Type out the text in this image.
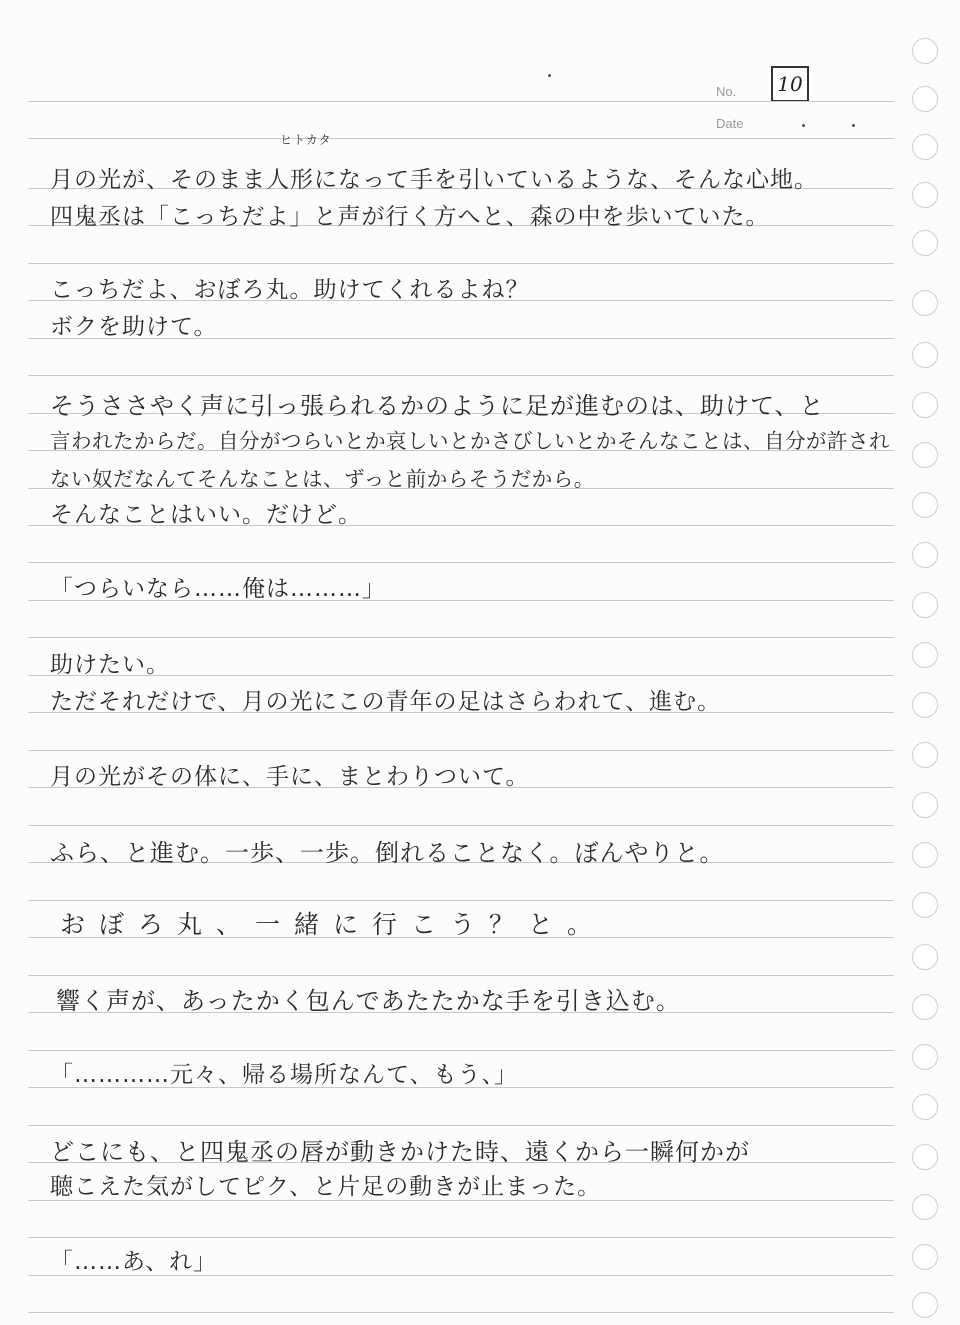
No.
Date
10
ヒトカタ
月の光が、そのまま人形になって手を引いているような、そんな心地。
四鬼丞は「こっちだよ」と声が行く方へと、森の中を歩いていた。
こっちだよ、おぼろ丸。助けてくれるよね？
ボクを助けて。
そうささやく声に引っ張られるかのように足が進むのは、助けて、と
言われたからだ。自分がつらいとか哀しいとかさびしいとかそんなことは、自分が許されない奴だなんてそんなことは、ずっと前からそうだから。
そんなことはいい。だけど。
「つらいなら……俺は………」
助けたい。
ただそれだけで、月の光にこの青年の足はさらわれて、進む。
月の光がその体に、手に、まとわりついて。
ふら、と進む。一歩、一歩。倒れることなく。ぼんやりと。
おぼろ丸、一緒に行こう？と。
響く声が、あったかく包んであたたかな手を引き込む。
「…………元々、帰る場所なんて、もう、」
どこにも、と四鬼丞の唇が動きかけた時、遠くから一瞬何かが
聴こえた気がしてピク、と片足の動きが止まった。
「……あ、れ」
